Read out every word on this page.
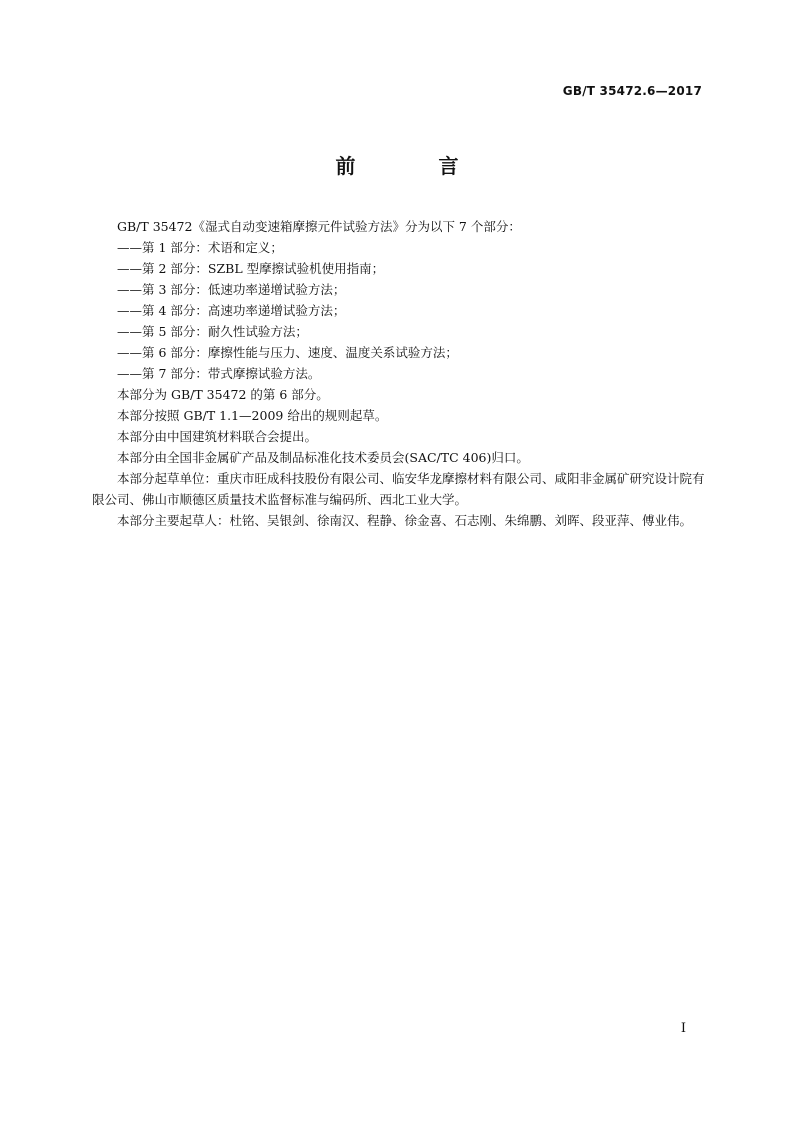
GB/T 35472.6—2017
前 言

GB/T 35472《湿式自动变速箱摩擦元件试验方法》分为以下 7 个部分：

——第 1 部分：术语和定义；

——第 2 部分：SZBL 型摩擦试验机使用指南；

——第 3 部分：低速功率递增试验方法；

——第 4 部分：高速功率递增试验方法；

——第 5 部分：耐久性试验方法；

——第 6 部分：摩擦性能与压力、速度、温度关系试验方法；

——第 7 部分：带式摩擦试验方法。

本部分为 GB/T 35472 的第 6 部分。

本部分按照 GB/T 1.1—2009 给出的规则起草。

本部分由中国建筑材料联合会提出。

本部分由全国非金属矿产品及制品标准化技术委员会(SAC/TC 406)归口。

本部分起草单位：重庆市旺成科技股份有限公司、临安华龙摩擦材料有限公司、咸阳非金属矿研究设计院有限公司、佛山市顺德区质量技术监督标准与编码所、西北工业大学。

本部分主要起草人：杜铭、吴银剑、徐南汉、程静、徐金喜、石志刚、朱绵鹏、刘晖、段亚萍、傅业伟。

I
